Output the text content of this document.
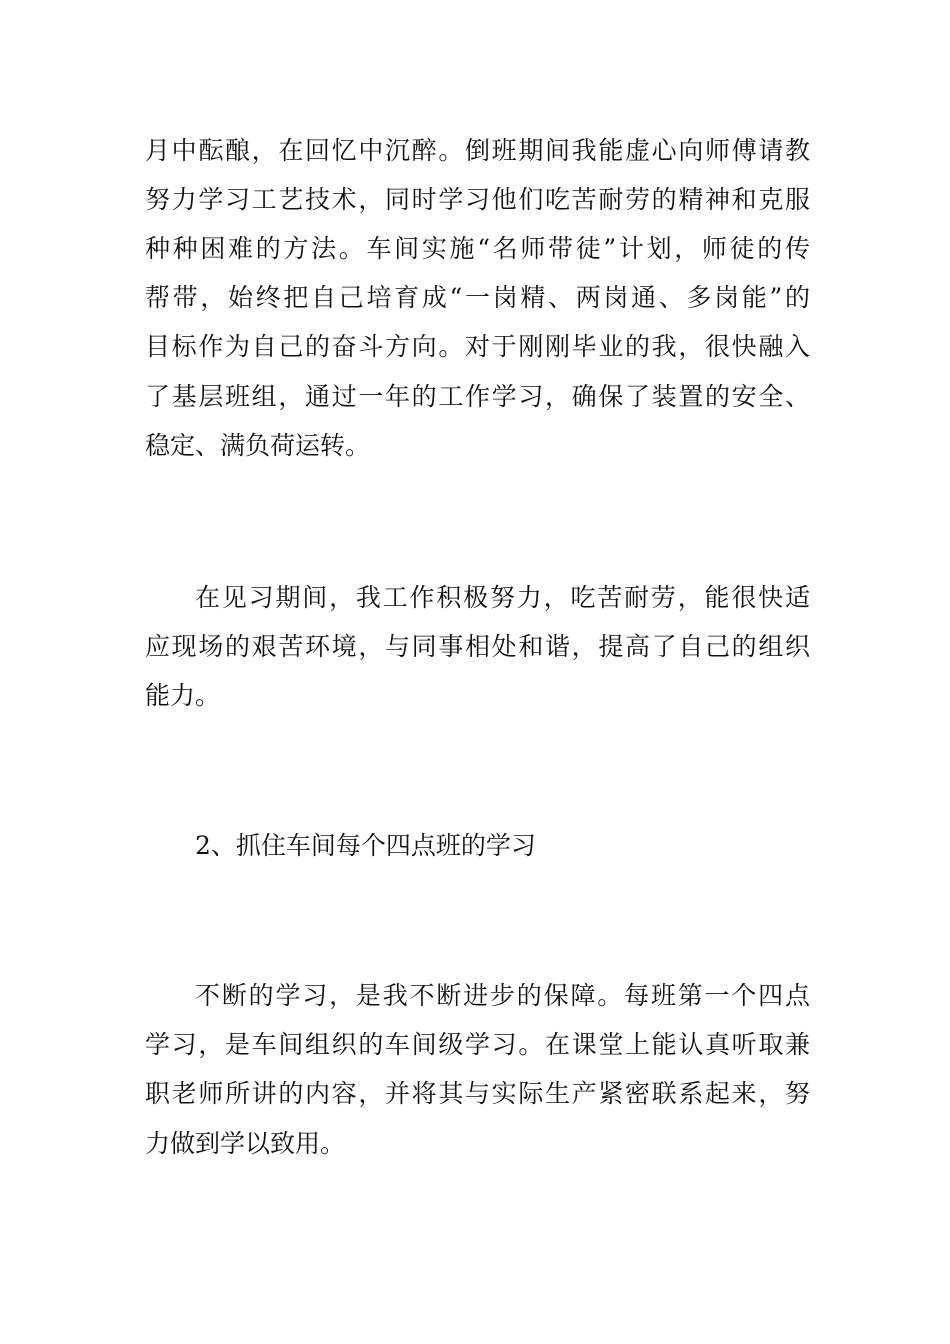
月中酝酿，在回忆中沉醉。倒班期间我能虚心向师傅请教
努力学习工艺技术，同时学习他们吃苦耐劳的精神和克服
种种困难的方法。车间实施“名师带徒”计划，师徒的传
帮带，始终把自己培育成“一岗精、两岗通、多岗能”的
目标作为自己的奋斗方向。对于刚刚毕业的我，很快融入
了基层班组，通过一年的工作学习，确保了装置的安全、
稳定、满负荷运转。
在见习期间，我工作积极努力，吃苦耐劳，能很快适
应现场的艰苦环境，与同事相处和谐，提高了自己的组织
能力。
2、抓住车间每个四点班的学习
不断的学习，是我不断进步的保障。每班第一个四点
学习，是车间组织的车间级学习。在课堂上能认真听取兼
职老师所讲的内容，并将其与实际生产紧密联系起来，努
力做到学以致用。
